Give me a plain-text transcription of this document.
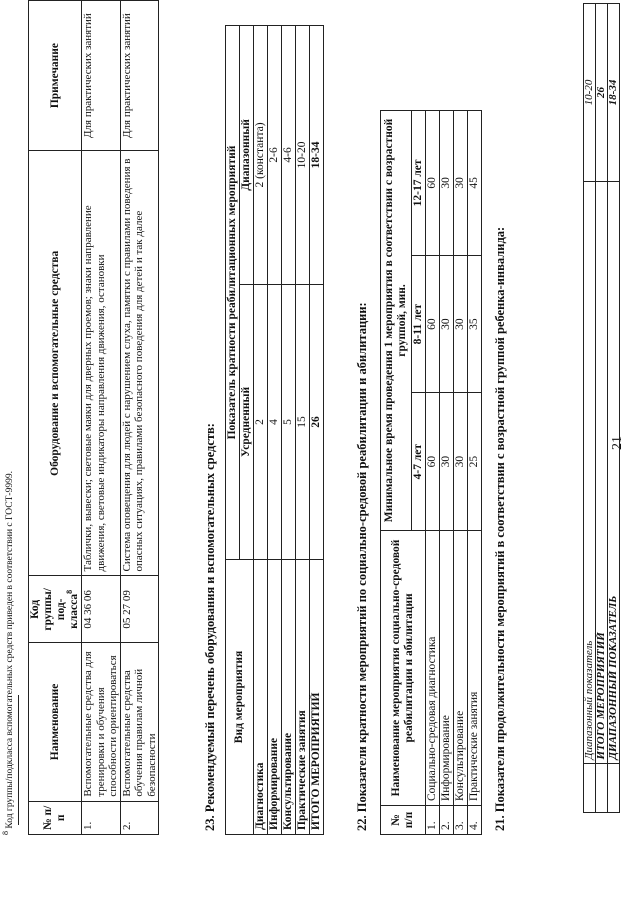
21
	Диапазонный показатель	10-20
	ИТОГО МЕРОПРИЯТИЙ	26
	ДИАПАЗОННЫЙ ПОКАЗАТЕЛЬ	18-34
21. Показатели продолжительности мероприятий в соответствии с возрастной группой ребенка-инвалида:
№ п/п	Наименование мероприятия социально-средовой реабилитации и абилитации	Минимальное время проведения 1 мероприятия в соответствии с возрастной группой, мин.		
		4-7 лет	8-11 лет	12-17 лет
1.	Социально-средовая диагностика	60	60	60
2.	Информирование	30	30	30
3.	Консультирование	30	30	30
4.	Практические занятия	25	35	45
22. Показатели кратности мероприятий по социально-средовой реабилитации и абилитации:
Вид мероприятия	Показатель кратности реабилитационных мероприятий	
	Усредненный	Диапазонный
Диагностика	2	2 (константа)
Информирование	4	2-6
Консультирование	5	4-6
Практические занятия	15	10-20
ИТОГО МЕРОПРИЯТИЙ	26	18-34
23. Рекомендуемый перечень оборудования и вспомогательных средств:
№ п/п	Наименование	Код группы/под-класса$^8$	Оборудование и вспомогательные средства	Примечание
1.	Вспомогательные средства для тренировки и обучения способности ориентироваться	04 36 06	Таблички, вывески; световые маяки для дверных проемов; знаки направление движения, световые индикаторы направления движения, остановки	Для практических занятий
2.	Вспомогательные средства обучения правилам личной безопасности	05 27 09	Система оповещения для людей с нарушением слуха, памятки с правилами поведения в опасных ситуациях, правилами безопасного поведения для детей и так далее	Для практических занятий
$^8$ Код группы/подкласса вспомогательных средств приведен в соответствии с ГОСТ-9999.
